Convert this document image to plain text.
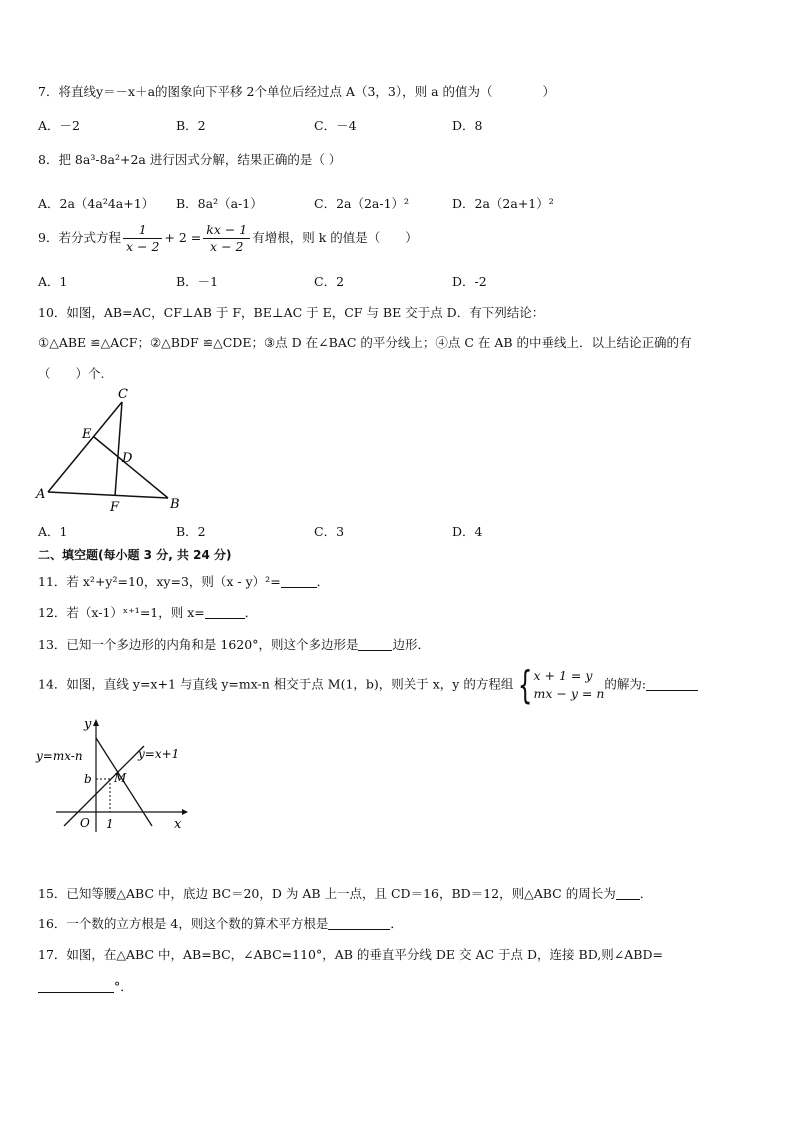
7．将直线y＝－x＋a的图象向下平移 2个单位后经过点 A（3，3），则 a 的值为（　　　　）
A．－2	B．2	C．－4	D．8
8．把 8a³-8a²+2a 进行因式分解，结果正确的是（ ）
A．2a（4a²4a+1） B．8a²（a-1）	C．2a（2a-1）²	D．2a（2a+1）²
9．若分式方程 $\frac{1}{x - 2} + 2 = \frac{kx - 1}{x - 2}$ 有增根，则 k 的值是（　　）
A．1	B．－1	C．2	D．-2
10．如图，AB=AC，CF⊥AB 于 F，BE⊥AC 于 E，CF 与 BE 交于点 D．有下列结论：
①△ABE ≌△ACF；②△BDF ≌△CDE；③点 D 在∠BAC 的平分线上；④点 C 在 AB 的中垂线上．以上结论正确的有
（　　）个.
C
E
D
A
B
F
A．1	B．2	C．3	D．4
二、填空题(每小题 3 分, 共 24 分)
11．若 x²+y²=10，xy=3，则（x - y）²=	．
12．若（x-1）ˣ⁺¹=1，则 x=	．
13．已知一个多边形的内角和是 1620°，则这个多边形是	边形．
14．如图，直线 y=x+1 与直线 y=mx-n 相交于点 M(1，b)，则关于 x，y 的方程组 { x + 1 = y
mx − y = n
的解为:
y
x
y=mx-n	y=x+1
b M
O 1
15．已知等腰△ABC 中，底边 BC＝20，D 为 AB 上一点，且 CD＝16，BD＝12，则△ABC 的周长为 ．
16．一个数的立方根是 4，则这个数的算术平方根是	．
17．如图，在△ABC 中，AB=BC，∠ABC=110°，AB 的垂直平分线 DE 交 AC 于点 D，连接 BD,则∠ABD=
°．
